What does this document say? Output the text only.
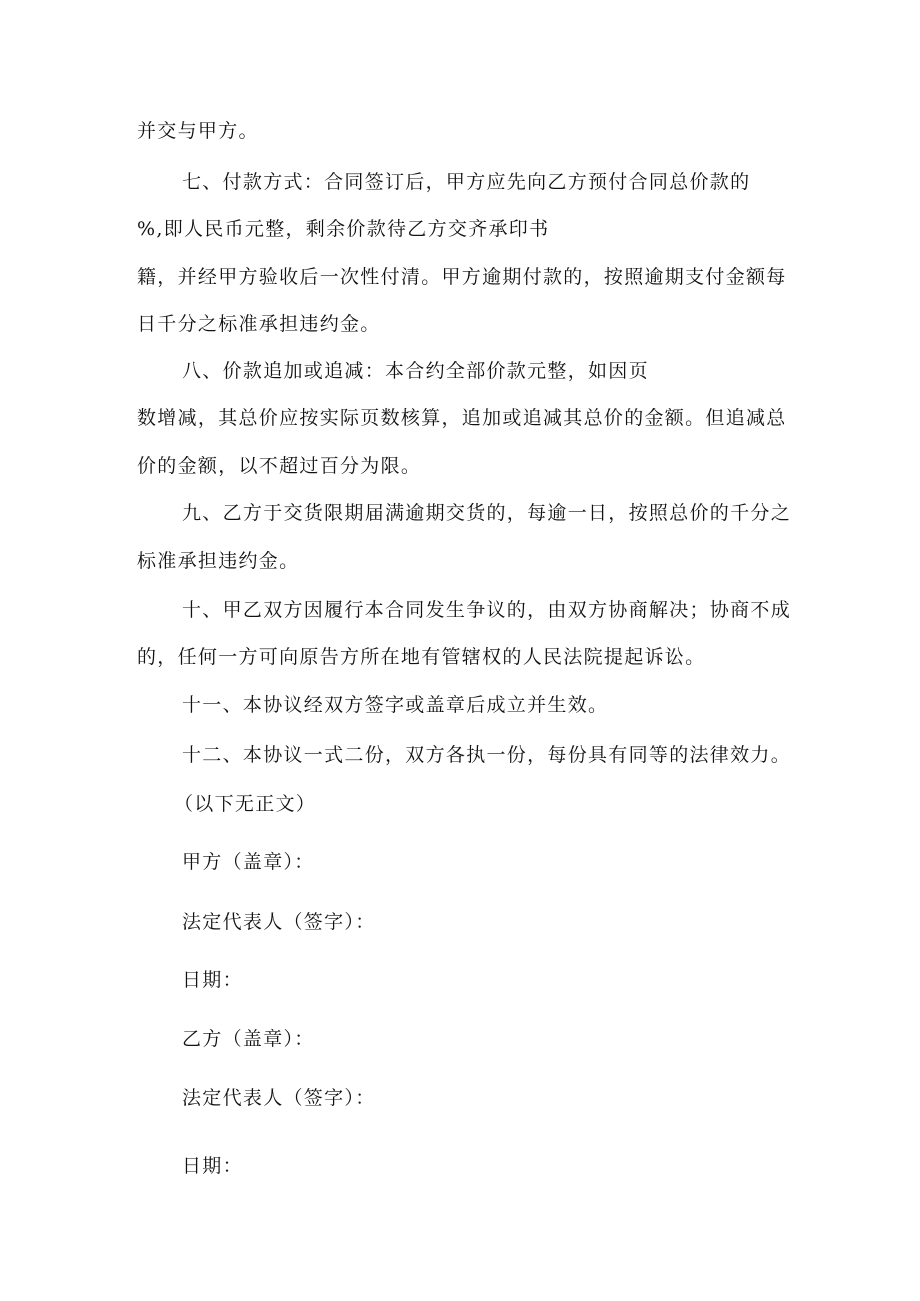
并交与甲方。
七、付款方式：合同签订后，甲方应先向乙方预付合同总价款的
%,即人民币元整，剩余价款待乙方交齐承印书
籍，并经甲方验收后一次性付清。甲方逾期付款的，按照逾期支付金额每
日千分之标准承担违约金。
八、价款追加或追减：本合约全部价款元整，如因页
数增减，其总价应按实际页数核算，追加或追减其总价的金额。但追减总
价的金额，以不超过百分为限。
九、乙方于交货限期届满逾期交货的，每逾一日，按照总价的千分之
标准承担违约金。
十、甲乙双方因履行本合同发生争议的，由双方协商解决；协商不成
的，任何一方可向原告方所在地有管辖权的人民法院提起诉讼。
十一、本协议经双方签字或盖章后成立并生效。
十二、本协议一式二份，双方各执一份，每份具有同等的法律效力。
（以下无正文）
甲方（盖章）：
法定代表人（签字）：
日期：
乙方（盖章）：
法定代表人（签字）：
日期：
